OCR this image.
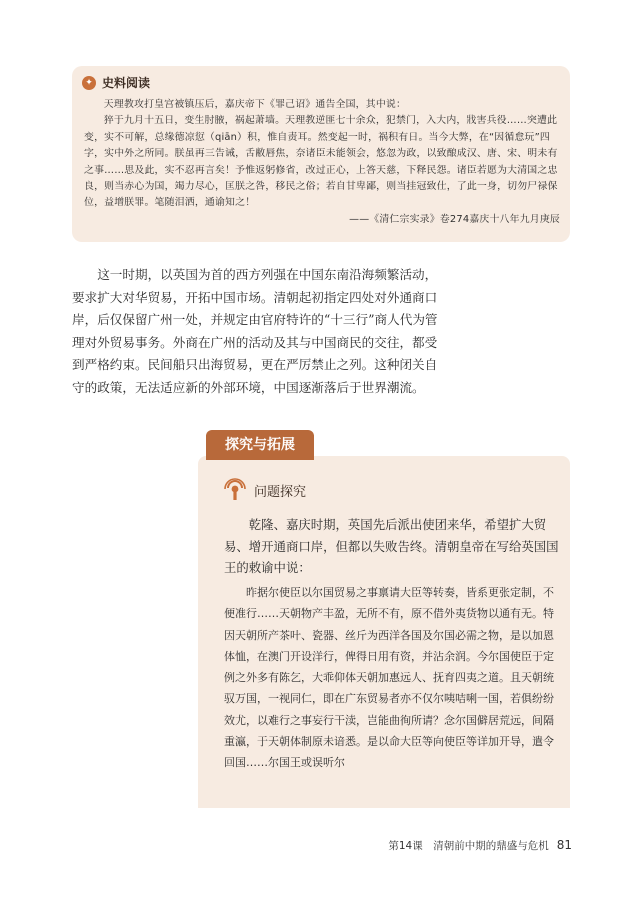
✦ 史料阅读

天理教攻打皇宫被镇压后，嘉庆帝下《罪己诏》通告全国，其中说：

猝于九月十五日，变生肘腋，祸起萧墙。天理教逆匪七十余众，犯禁门，入大内，戕害兵役……突遭此变，实不可解，总缘德凉愆（qiān）积，惟自责耳。然变起一时，祸积有日。当今大弊，在“因循怠玩”四字，实中外之所同。朕虽再三告诫，舌敝唇焦，奈诸臣未能领会，悠忽为政，以致酿成汉、唐、宋、明未有之事……思及此，实不忍再言矣！予惟返躬修省，改过正心，上答天慈，下释民怨。诸臣若愿为大清国之忠良，则当赤心为国，竭力尽心，匡朕之咎，移民之俗；若自甘卑鄙，则当挂冠致仕，了此一身，切勿尸禄保位，益增朕罪。笔随泪洒，通谕知之！

——《清仁宗实录》卷274嘉庆十八年九月庚辰

这一时期，以英国为首的西方列强在中国东南沿海频繁活动，要求扩大对华贸易，开拓中国市场。清朝起初指定四处对外通商口岸，后仅保留广州一处，并规定由官府特许的“十三行”商人代为管理对外贸易事务。外商在广州的活动及其与中国商民的交往，都受到严格约束。民间船只出海贸易，更在严厉禁止之列。这种闭关自守的政策，无法适应新的外部环境，中国逐渐落后于世界潮流。

探究与拓展
问题探究

乾隆、嘉庆时期，英国先后派出使团来华，希望扩大贸易、增开通商口岸，但都以失败告终。清朝皇帝在写给英国国王的敕谕中说：

昨据尔使臣以尔国贸易之事禀请大臣等转奏，皆系更张定制，不便准行……天朝物产丰盈，无所不有，原不借外夷货物以通有无。特因天朝所产茶叶、瓷器、丝斤为西洋各国及尔国必需之物，是以加恩体恤，在澳门开设洋行，俾得日用有资，并沾余润。今尔国使臣于定例之外多有陈乞，大乖仰体天朝加惠远人、抚育四夷之道。且天朝统驭万国，一视同仁，即在广东贸易者亦不仅尔咦咭唎一国，若俱纷纷效尤，以难行之事妄行干渎，岂能曲徇所请？念尔国僻居荒远，间隔重瀛，于天朝体制原未谙悉。是以命大臣等向使臣等详加开导，遣令回国……尔国王或误听尔

第14课　清朝前中期的鼎盛与危机 81
